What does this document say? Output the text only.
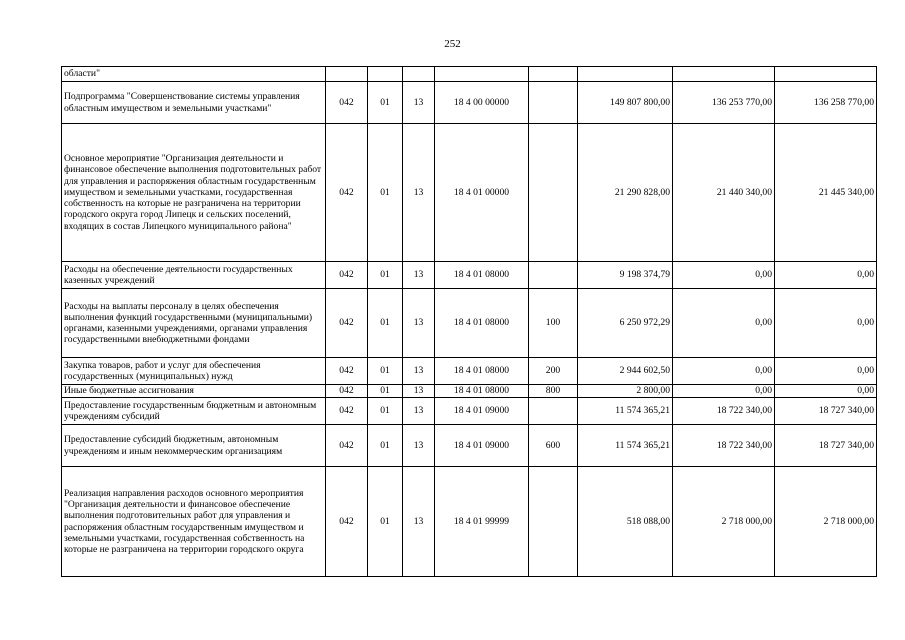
252
области"								
Подпрограмма "Совершенствование системы управления областным имуществом и земельными участками"	042	01	13	18 4 00 00000		149 807 800,00	136 253 770,00	136 258 770,00
Основное мероприятие "Организация деятельности и финансовое обеспечение выполнения подготовительных работ для управления и распоряжения областным государственным имуществом и земельными участками, государственная собственность на которые не разграничена на территории городского округа город Липецк и сельских поселений, входящих в состав Липецкого муниципального района"	042	01	13	18 4 01 00000		21 290 828,00	21 440 340,00	21 445 340,00
Расходы на обеспечение деятельности государственных казенных учреждений	042	01	13	18 4 01 08000		9 198 374,79	0,00	0,00
Расходы на выплаты персоналу в целях обеспечения выполнения функций государственными (муниципальными) органами, казенными учреждениями, органами управления государственными внебюджетными фондами	042	01	13	18 4 01 08000	100	6 250 972,29	0,00	0,00
Закупка товаров, работ и услуг для обеспечения государственных (муниципальных) нужд	042	01	13	18 4 01 08000	200	2 944 602,50	0,00	0,00
Иные бюджетные ассигнования	042	01	13	18 4 01 08000	800	2 800,00	0,00	0,00
Предоставление государственным бюджетным и автономным учреждениям субсидий	042	01	13	18 4 01 09000		11 574 365,21	18 722 340,00	18 727 340,00
Предоставление субсидий бюджетным, автономным учреждениям и иным некоммерческим организациям	042	01	13	18 4 01 09000	600	11 574 365,21	18 722 340,00	18 727 340,00
Реализация направления расходов основного мероприятия "Организация деятельности и финансовое обеспечение выполнения подготовительных работ для управления и распоряжения областным государственным имуществом и земельными участками, государственная собственность на которые не разграничена на территории городского округа	042	01	13	18 4 01 99999		518 088,00	2 718 000,00	2 718 000,00
